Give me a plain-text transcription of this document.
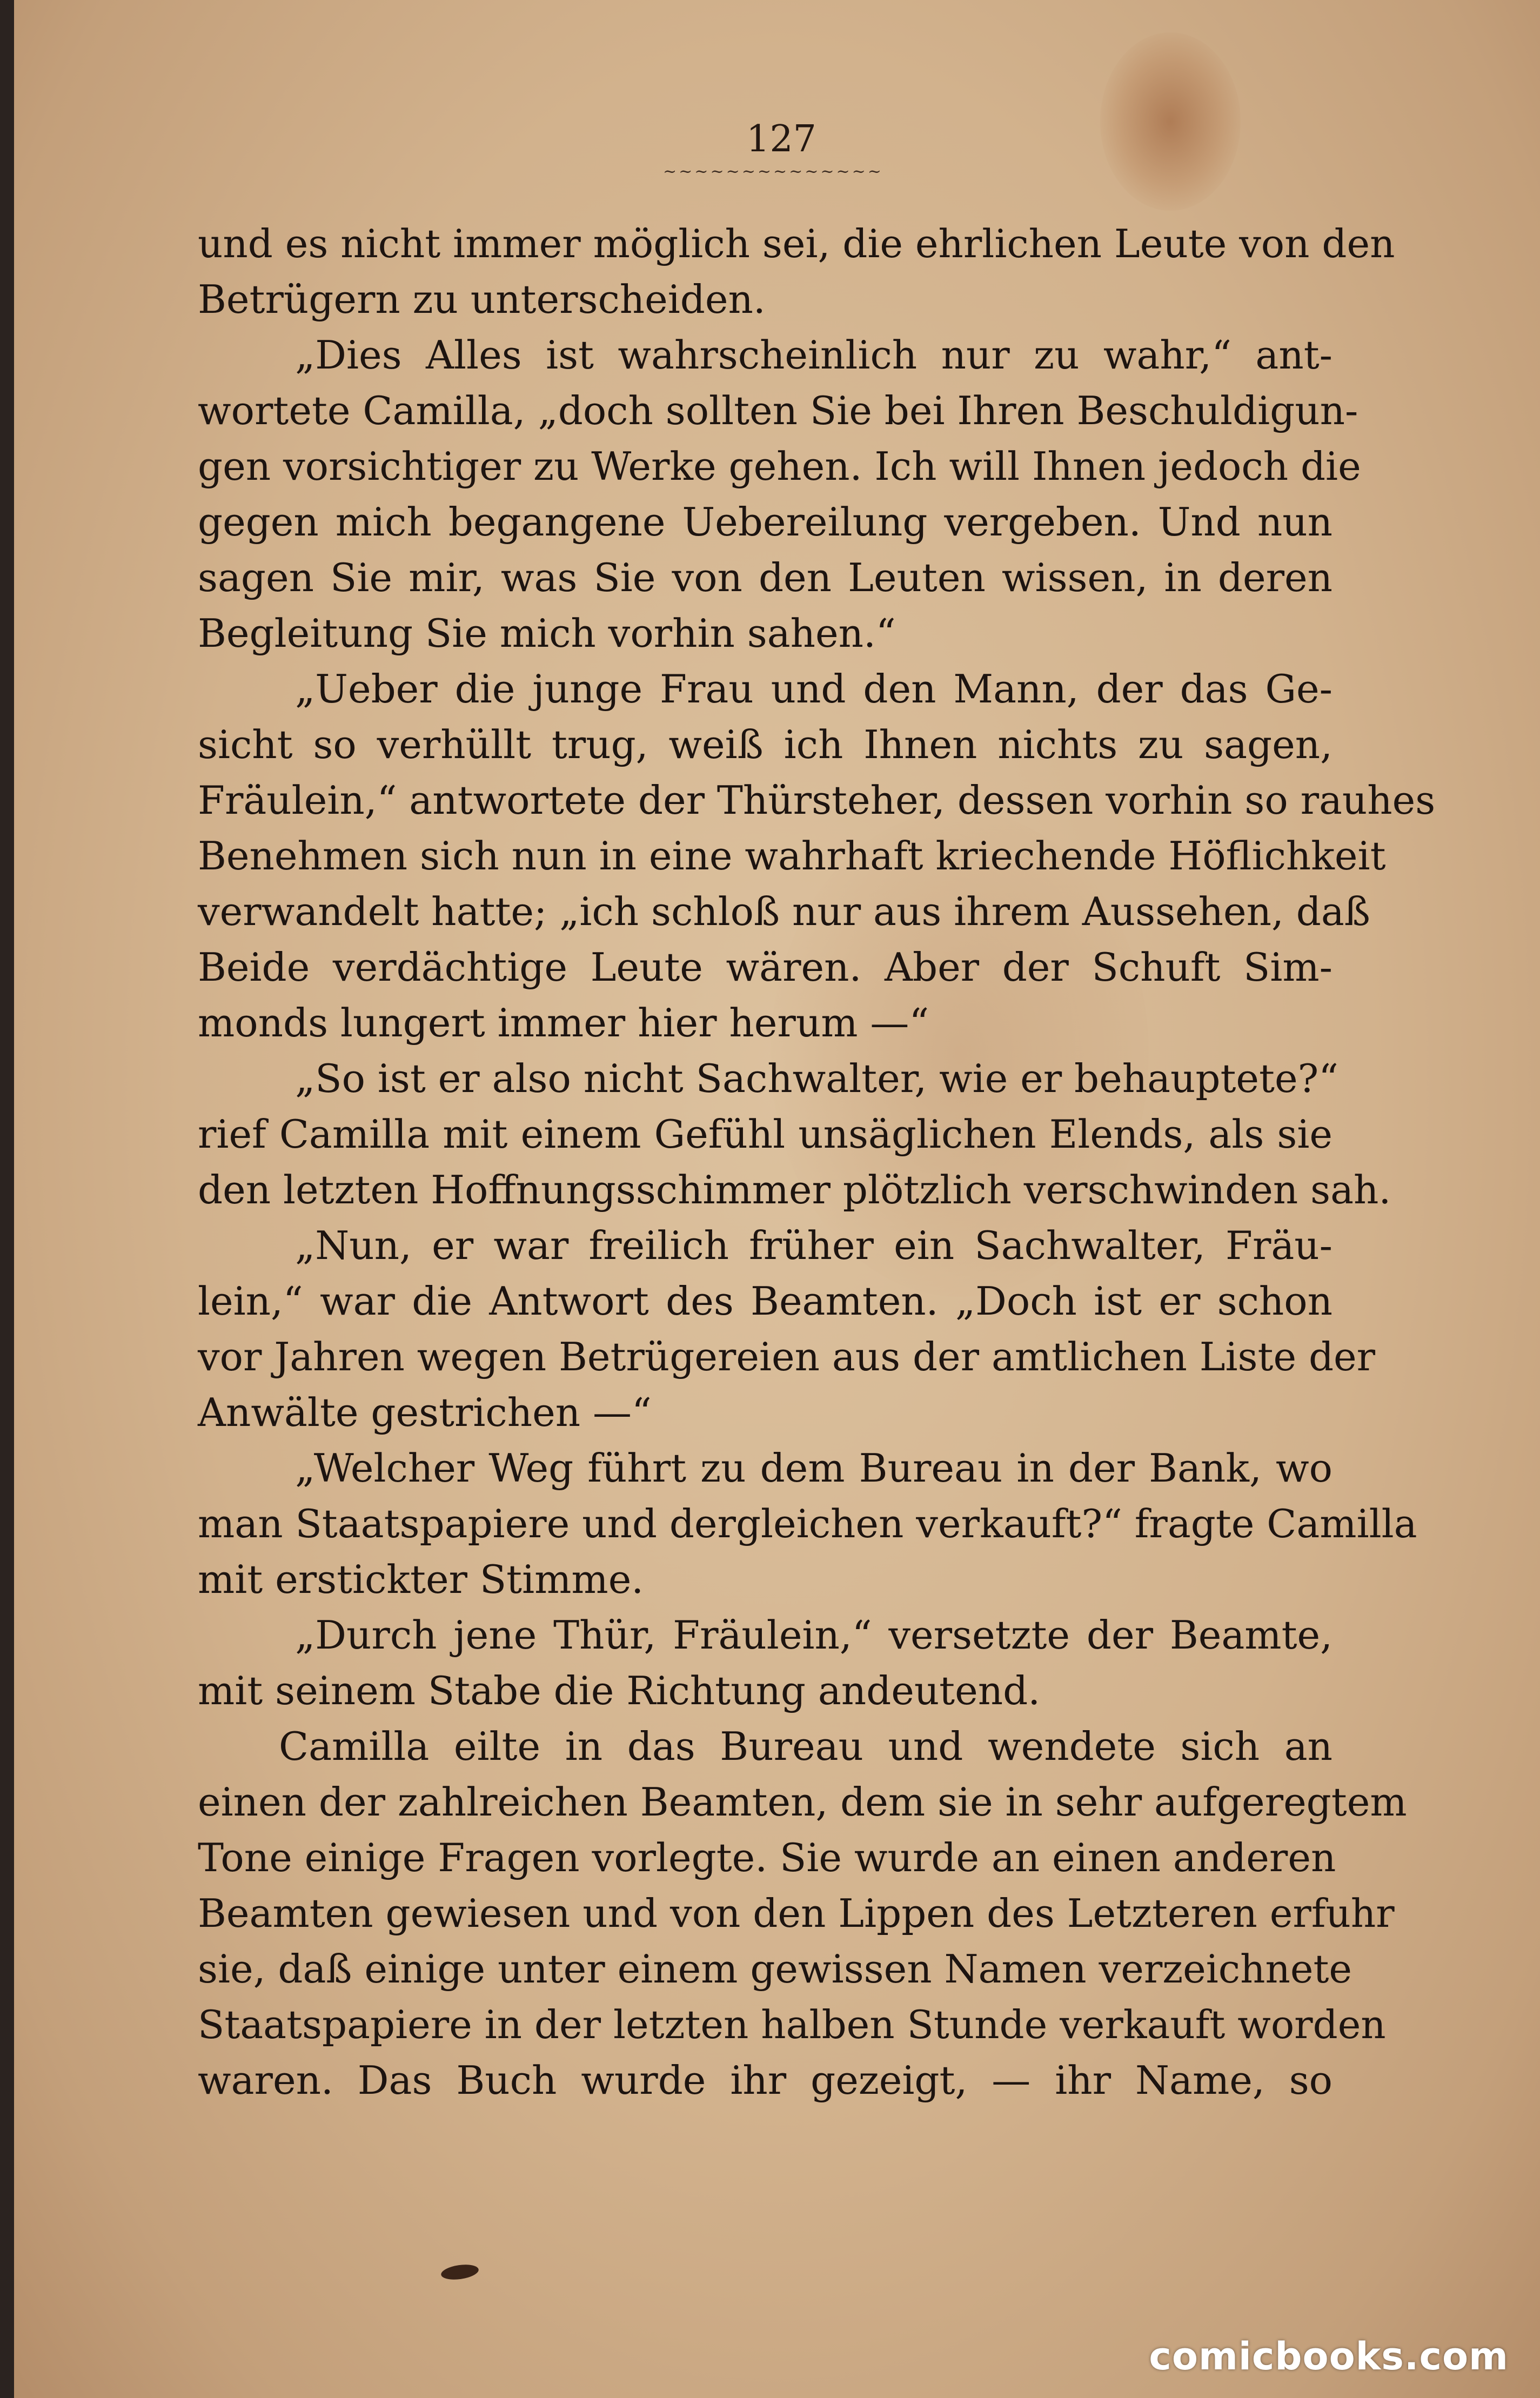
127
~~~~~~~~~~~~~~
und es nicht immer möglich sei, die ehrlichen Leute von den
Betrügern zu unterscheiden.
„Dies Alles ist wahrscheinlich nur zu wahr,“ ant-
wortete Camilla, „doch sollten Sie bei Ihren Beschuldigun-
gen vorsichtiger zu Werke gehen. Ich will Ihnen jedoch die
gegen mich begangene Uebereilung vergeben. Und nun
sagen Sie mir, was Sie von den Leuten wissen, in deren
Begleitung Sie mich vorhin sahen.“
„Ueber die junge Frau und den Mann, der das Ge-
sicht so verhüllt trug, weiß ich Ihnen nichts zu sagen,
Fräulein,“ antwortete der Thürsteher, dessen vorhin so rauhes
Benehmen sich nun in eine wahrhaft kriechende Höflichkeit
verwandelt hatte; „ich schloß nur aus ihrem Aussehen, daß
Beide verdächtige Leute wären. Aber der Schuft Sim-
monds lungert immer hier herum —“
„So ist er also nicht Sachwalter, wie er behauptete?“
rief Camilla mit einem Gefühl unsäglichen Elends, als sie
den letzten Hoffnungsschimmer plötzlich verschwinden sah.
„Nun, er war freilich früher ein Sachwalter, Fräu-
lein,“ war die Antwort des Beamten. „Doch ist er schon
vor Jahren wegen Betrügereien aus der amtlichen Liste der
Anwälte gestrichen —“
„Welcher Weg führt zu dem Bureau in der Bank, wo
man Staatspapiere und dergleichen verkauft?“ fragte Camilla
mit erstickter Stimme.
„Durch jene Thür, Fräulein,“ versetzte der Beamte,
mit seinem Stabe die Richtung andeutend.
Camilla eilte in das Bureau und wendete sich an
einen der zahlreichen Beamten, dem sie in sehr aufgeregtem
Tone einige Fragen vorlegte. Sie wurde an einen anderen
Beamten gewiesen und von den Lippen des Letzteren erfuhr
sie, daß einige unter einem gewissen Namen verzeichnete
Staatspapiere in der letzten halben Stunde verkauft worden
waren. Das Buch wurde ihr gezeigt, — ihr Name, so
comicbooks.com
